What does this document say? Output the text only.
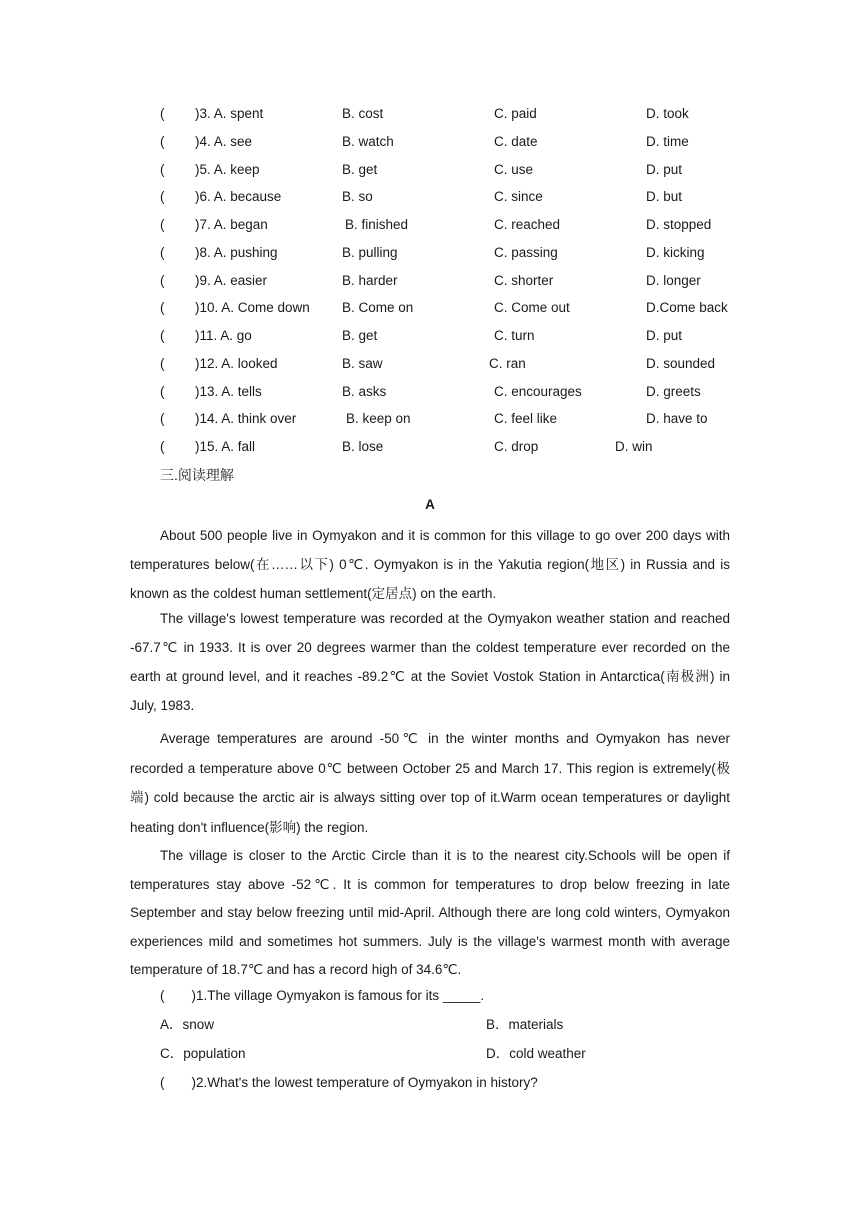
( )3. A. spent	B. cost	C. paid	D. took
( )4. A. see	B. watch	C. date	D. time
( )5. A. keep	B. get	C. use	D. put
( )6. A. because	B. so	C. since	D. but
( )7. A. began	B. finished	C. reached	D. stopped
( )8. A. pushing	B. pulling	C. passing	D. kicking
( )9. A. easier	B. harder	C. shorter	D. longer
( )10. A. Come down B. Come on	C. Come out	D.Come back
( )11. A. go	B. get	C. turn	D. put
( )12. A. looked	B. saw	C. ran	D. sounded
( )13. A. tells	B. asks	C. encourages	D. greets
( )14. A. think over	B. keep on	C. feel like	D. have to
( )15. A. fall	B. lose	C. drop	D. win
三.阅读理解
A

About 500 people live in Oymyakon and it is common for this village to go over 200 days with temperatures below(在……以下) 0℃. Oymyakon is in the Yakutia region(地区) in Russia and is known as the coldest human settlement(定居点) on the earth.

The village's lowest temperature was recorded at the Oymyakon weather station and reached -67.7℃ in 1933. It is over 20 degrees warmer than the coldest temperature ever recorded on the earth at ground level, and it reaches -89.2℃ at the Soviet Vostok Station in Antarctica(南极洲) in July, 1983.

Average temperatures are around -50℃ in the winter months and Oymyakon has never recorded a temperature above 0℃ between October 25 and March 17. This region is extremely(极端) cold because the arctic air is always sitting over top of it.Warm ocean temperatures or daylight heating don't influence(影响) the region.

The village is closer to the Arctic Circle than it is to the nearest city.Schools will be open if temperatures stay above -52℃. It is common for temperatures to drop below freezing in late September and stay below freezing until mid-April. Although there are long cold winters, Oymyakon experiences mild and sometimes hot summers. July is the village's warmest month with average temperature of 18.7℃ and has a record high of 34.6℃.

(　　)1.The village Oymyakon is famous for its _____.
A．snow	B．materials
C．population	D．cold weather
(　　)2.What's the lowest temperature of Oymyakon in history?
